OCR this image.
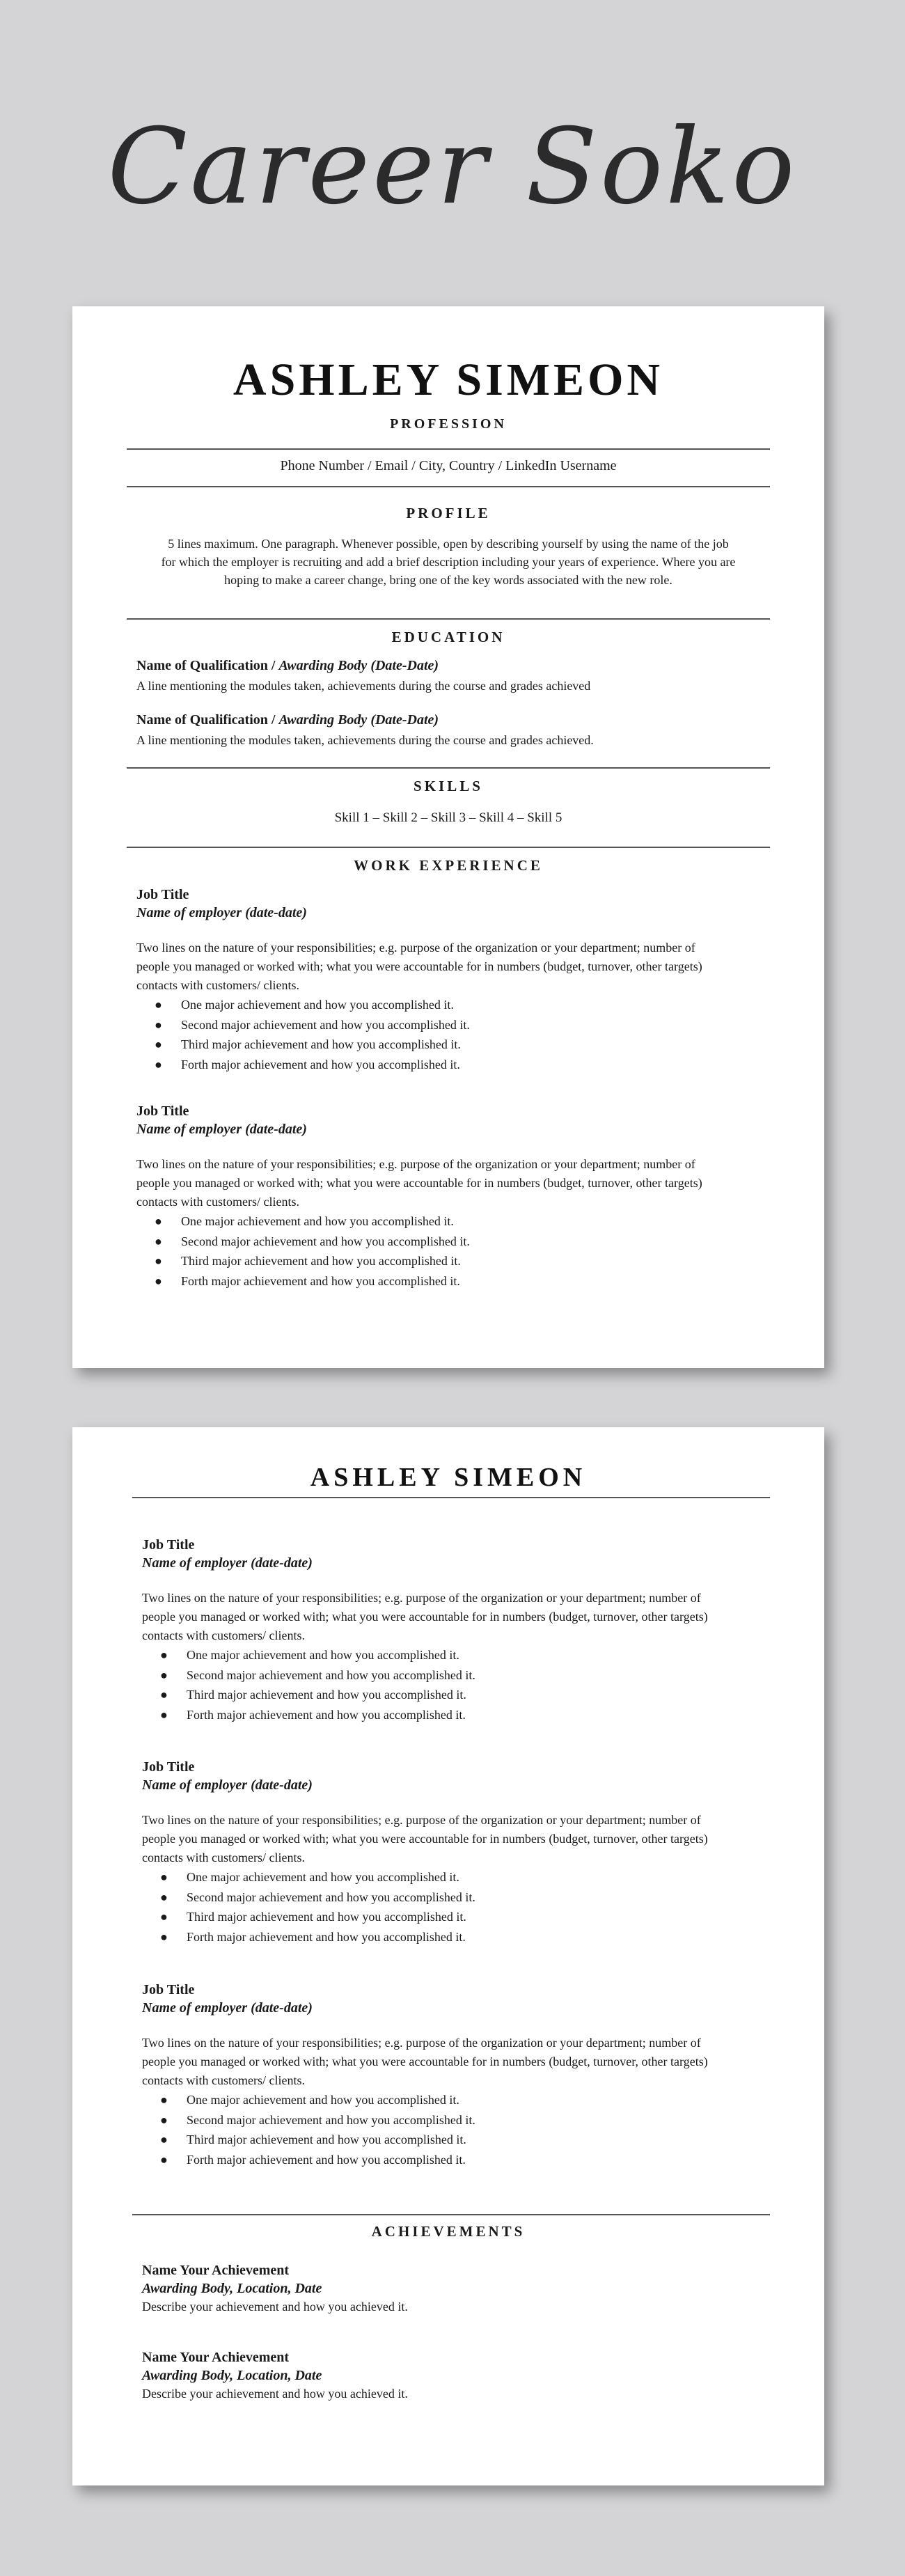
Career Soko
ASHLEY SIMEON
PROFESSION
Phone Number / Email / City, Country / LinkedIn Username
PROFILE
5 lines maximum. One paragraph. Whenever possible, open by describing yourself by using the name of the job
for which the employer is recruiting and add a brief description including your years of experience. Where you are
hoping to make a career change, bring one of the key words associated with the new role.
EDUCATION
Name of Qualification / Awarding Body (Date-Date)
A line mentioning the modules taken, achievements during the course and grades achieved
Name of Qualification / Awarding Body (Date-Date)
A line mentioning the modules taken, achievements during the course and grades achieved.
SKILLS
Skill 1 – Skill 2 – Skill 3 – Skill 4 – Skill 5
WORK EXPERIENCE
Job Title
Name of employer (date-date)
Two lines on the nature of your responsibilities; e.g. purpose of the organization or your department; number of
people you managed or worked with; what you were accountable for in numbers (budget, turnover, other targets)
contacts with customers/ clients.
● One major achievement and how you accomplished it.
● Second major achievement and how you accomplished it.
● Third major achievement and how you accomplished it.
● Forth major achievement and how you accomplished it.
Job Title
Name of employer (date-date)
Two lines on the nature of your responsibilities; e.g. purpose of the organization or your department; number of
people you managed or worked with; what you were accountable for in numbers (budget, turnover, other targets)
contacts with customers/ clients.
● One major achievement and how you accomplished it.
● Second major achievement and how you accomplished it.
● Third major achievement and how you accomplished it.
● Forth major achievement and how you accomplished it.
ASHLEY SIMEON
Job Title
Name of employer (date-date)
Two lines on the nature of your responsibilities; e.g. purpose of the organization or your department; number of
people you managed or worked with; what you were accountable for in numbers (budget, turnover, other targets)
contacts with customers/ clients.
● One major achievement and how you accomplished it.
● Second major achievement and how you accomplished it.
● Third major achievement and how you accomplished it.
● Forth major achievement and how you accomplished it.
Job Title
Name of employer (date-date)
Two lines on the nature of your responsibilities; e.g. purpose of the organization or your department; number of
people you managed or worked with; what you were accountable for in numbers (budget, turnover, other targets)
contacts with customers/ clients.
● One major achievement and how you accomplished it.
● Second major achievement and how you accomplished it.
● Third major achievement and how you accomplished it.
● Forth major achievement and how you accomplished it.
Job Title
Name of employer (date-date)
Two lines on the nature of your responsibilities; e.g. purpose of the organization or your department; number of
people you managed or worked with; what you were accountable for in numbers (budget, turnover, other targets)
contacts with customers/ clients.
● One major achievement and how you accomplished it.
● Second major achievement and how you accomplished it.
● Third major achievement and how you accomplished it.
● Forth major achievement and how you accomplished it.
ACHIEVEMENTS
Name Your Achievement
Awarding Body, Location, Date
Describe your achievement and how you achieved it.
Name Your Achievement
Awarding Body, Location, Date
Describe your achievement and how you achieved it.
